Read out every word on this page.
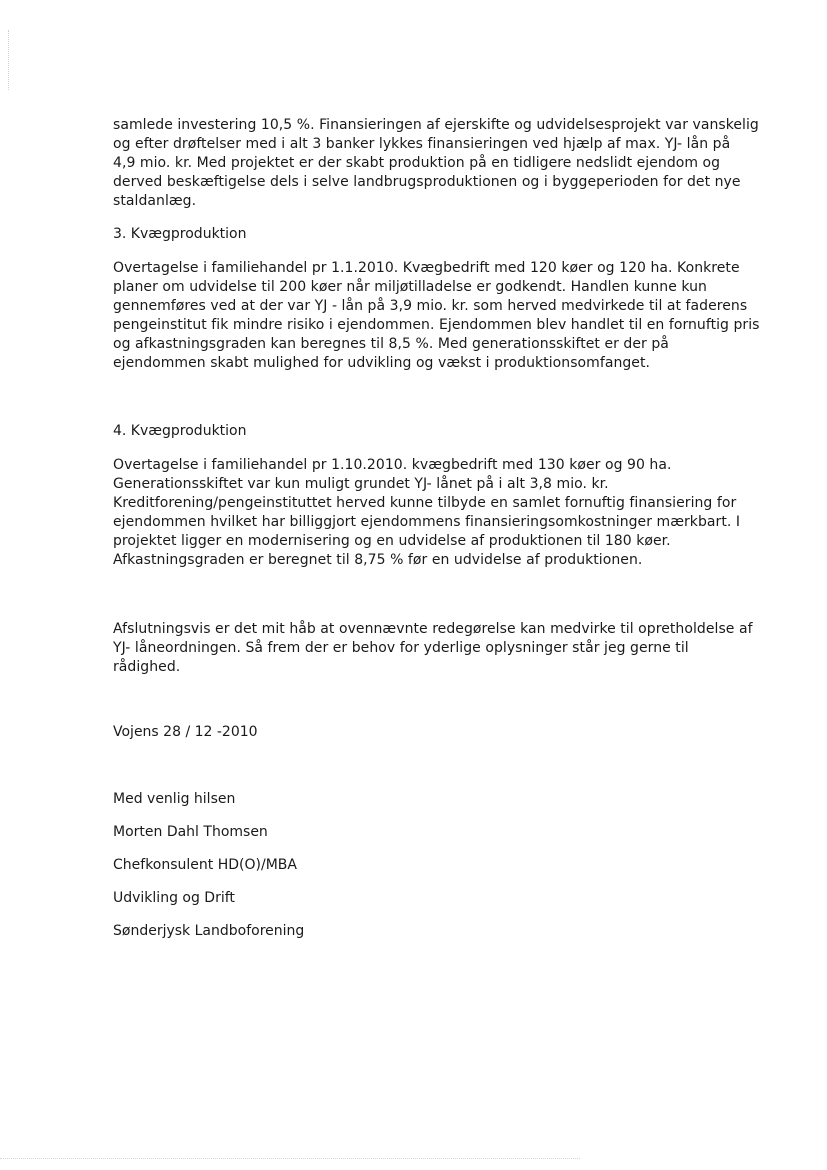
samlede investering 10,5 %. Finansieringen af ejerskifte og udvidelsesprojekt var vanskelig
og efter drøftelser med i alt 3 banker lykkes finansieringen ved hjælp af max. YJ- lån på
4,9 mio. kr. Med projektet er der skabt produktion på en tidligere nedslidt ejendom og
derved beskæftigelse dels i selve landbrugsproduktionen og i byggeperioden for det nye
staldanlæg.

3. Kvægproduktion

Overtagelse i familiehandel pr 1.1.2010. Kvægbedrift med 120 køer og 120 ha. Konkrete
planer om udvidelse til 200 køer når miljøtilladelse er godkendt. Handlen kunne kun
gennemføres ved at der var YJ - lån på 3,9 mio. kr. som herved medvirkede til at faderens
pengeinstitut fik mindre risiko i ejendommen. Ejendommen blev handlet til en fornuftig pris
og afkastningsgraden kan beregnes til 8,5 %. Med generationsskiftet er der på
ejendommen skabt mulighed for udvikling og vækst i produktionsomfanget.

4. Kvægproduktion

Overtagelse i familiehandel pr 1.10.2010. kvægbedrift med 130 køer og 90 ha.
Generationsskiftet var kun muligt grundet YJ- lånet på i alt 3,8 mio. kr.
Kreditforening/pengeinstituttet herved kunne tilbyde en samlet fornuftig finansiering for
ejendommen hvilket har billiggjort ejendommens finansieringsomkostninger mærkbart. I
projektet ligger en modernisering og en udvidelse af produktionen til 180 køer.
Afkastningsgraden er beregnet til 8,75 % før en udvidelse af produktionen.

Afslutningsvis er det mit håb at ovennævnte redegørelse kan medvirke til opretholdelse af
YJ- låneordningen. Så frem der er behov for yderlige oplysninger står jeg gerne til
rådighed.

Vojens 28 / 12 -2010

Med venlig hilsen

Morten Dahl Thomsen

Chefkonsulent HD(O)/MBA

Udvikling og Drift

Sønderjysk Landboforening
